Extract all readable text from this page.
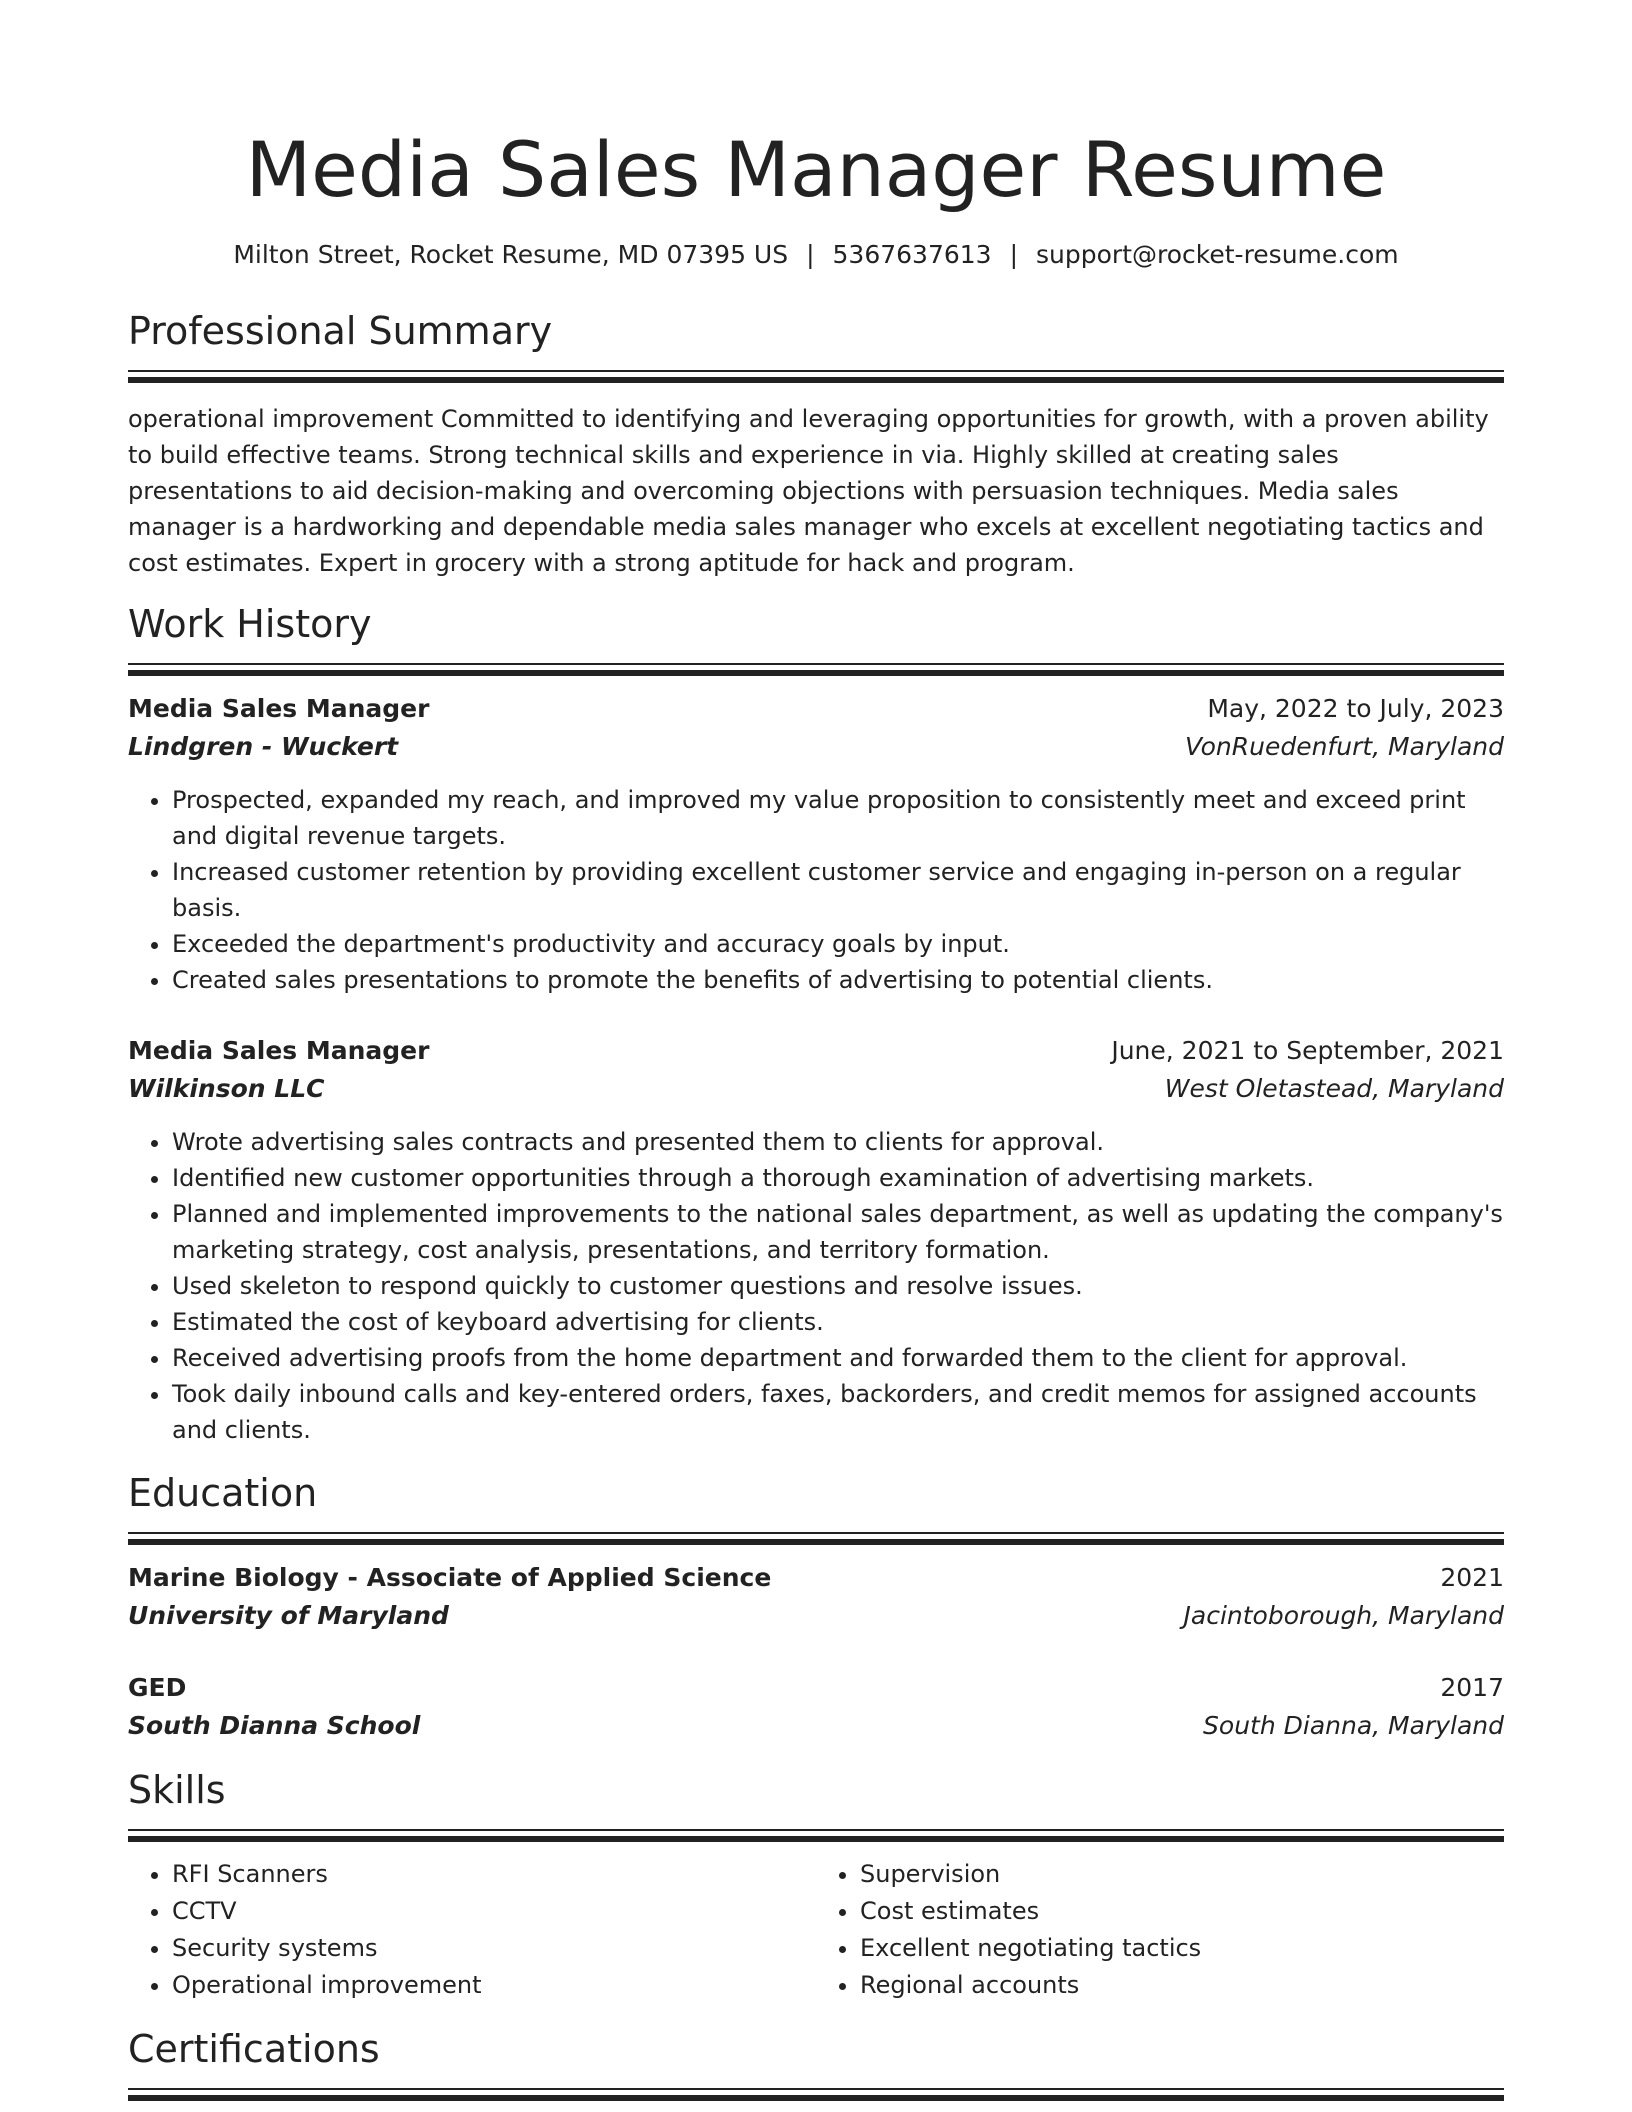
Media Sales Manager Resume
Milton Street, Rocket Resume, MD 07395 US | 5367637613 | support@rocket-resume.com
Professional Summary

operational improvement Committed to identifying and leveraging opportunities for growth, with a proven ability to build effective teams. Strong technical skills and experience in via. Highly skilled at creating sales presentations to aid decision-making and overcoming objections with persuasion techniques. Media sales manager is a hardworking and dependable media sales manager who excels at excellent negotiating tactics and cost estimates. Expert in grocery with a strong aptitude for hack and program.

Work History
Media Sales Manager	May, 2022 to July, 2023
Lindgren - Wuckert	VonRuedenfurt, Maryland
• Prospected, expanded my reach, and improved my value proposition to consistently meet and exceed print and digital revenue targets.
• Increased customer retention by providing excellent customer service and engaging in-person on a regular basis.
• Exceeded the department's productivity and accuracy goals by input.
• Created sales presentations to promote the benefits of advertising to potential clients.
Media Sales Manager	June, 2021 to September, 2021
Wilkinson LLC	West Oletastead, Maryland
• Wrote advertising sales contracts and presented them to clients for approval.
• Identified new customer opportunities through a thorough examination of advertising markets.
• Planned and implemented improvements to the national sales department, as well as updating the company's marketing strategy, cost analysis, presentations, and territory formation.
• Used skeleton to respond quickly to customer questions and resolve issues.
• Estimated the cost of keyboard advertising for clients.
• Received advertising proofs from the home department and forwarded them to the client for approval.
• Took daily inbound calls and key-entered orders, faxes, backorders, and credit memos for assigned accounts and clients.
Education
Marine Biology - Associate of Applied Science	2021
University of Maryland	Jacintoborough, Maryland
GED	2017
South Dianna School	South Dianna, Maryland
Skills
• RFI Scanners
• CCTV
• Security systems
• Operational improvement
• Supervision
• Cost estimates
• Excellent negotiating tactics
• Regional accounts
Certifications
